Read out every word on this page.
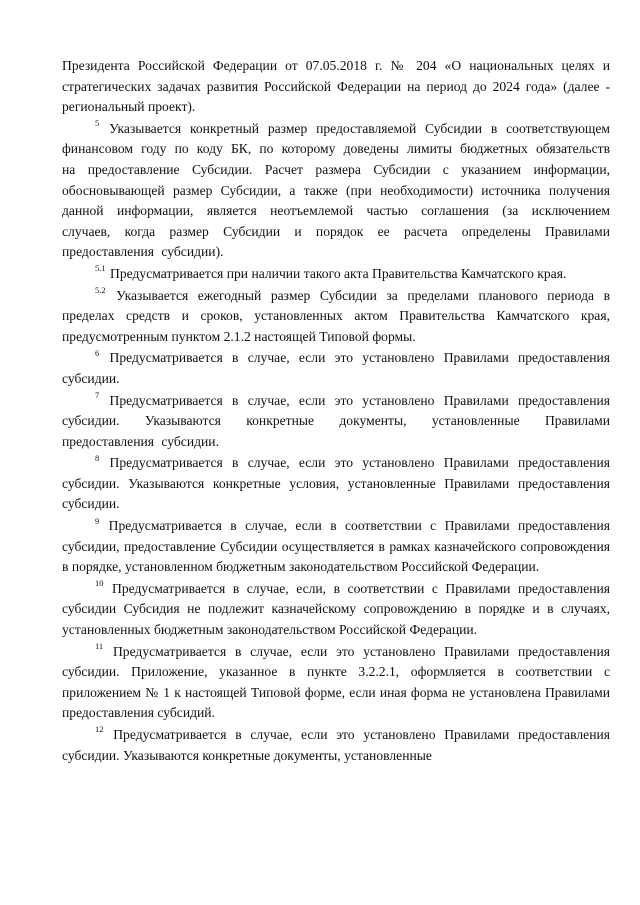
Президента Российской Федерации от 07.05.2018 г. № 204 «О национальных целях и стратегических задачах развития Российской Федерации на период до 2024 года» (далее - региональный проект).

$^5$ Указывается конкретный размер предоставляемой Субсидии в соответствующем финансовом году по коду БК, по которому доведены лимиты бюджетных обязательств на предоставление Субсидии. Расчет размера Субсидии с указанием информации, обосновывающей размер Субсидии, а также (при необходимости) источника получения данной информации, является неотъемлемой частью соглашения (за исключением случаев, когда размер Субсидии и порядок ее расчета определены Правилами предоставления субсидии).

$^{5.1}$ Предусматривается при наличии такого акта Правительства Камчатского края.

$^{5.2}$ Указывается ежегодный размер Субсидии за пределами планового периода в пределах средств и сроков, установленных актом Правительства Камчатского края, предусмотренным пунктом 2.1.2 настоящей Типовой формы.

$^6$ Предусматривается в случае, если это установлено Правилами предоставления субсидии.

$^7$ Предусматривается в случае, если это установлено Правилами предоставления субсидии. Указываются конкретные документы, установленные Правилами предоставления субсидии.

$^8$ Предусматривается в случае, если это установлено Правилами предоставления субсидии. Указываются конкретные условия, установленные Правилами предоставления субсидии.

$^9$ Предусматривается в случае, если в соответствии с Правилами предоставления субсидии, предоставление Субсидии осуществляется в рамках казначейского сопровождения в порядке, установленном бюджетным законодательством Российской Федерации.

$^{10}$ Предусматривается в случае, если, в соответствии с Правилами предоставления субсидии Субсидия не подлежит казначейскому сопровождению в порядке и в случаях, установленных бюджетным законодательством Российской Федерации.

$^{11}$ Предусматривается в случае, если это установлено Правилами предоставления субсидии. Приложение, указанное в пункте 3.2.2.1, оформляется в соответствии с приложением № 1 к настоящей Типовой форме, если иная форма не установлена Правилами предоставления субсидий.

$^{12}$ Предусматривается в случае, если это установлено Правилами предоставления субсидии. Указываются конкретные документы, установленные
